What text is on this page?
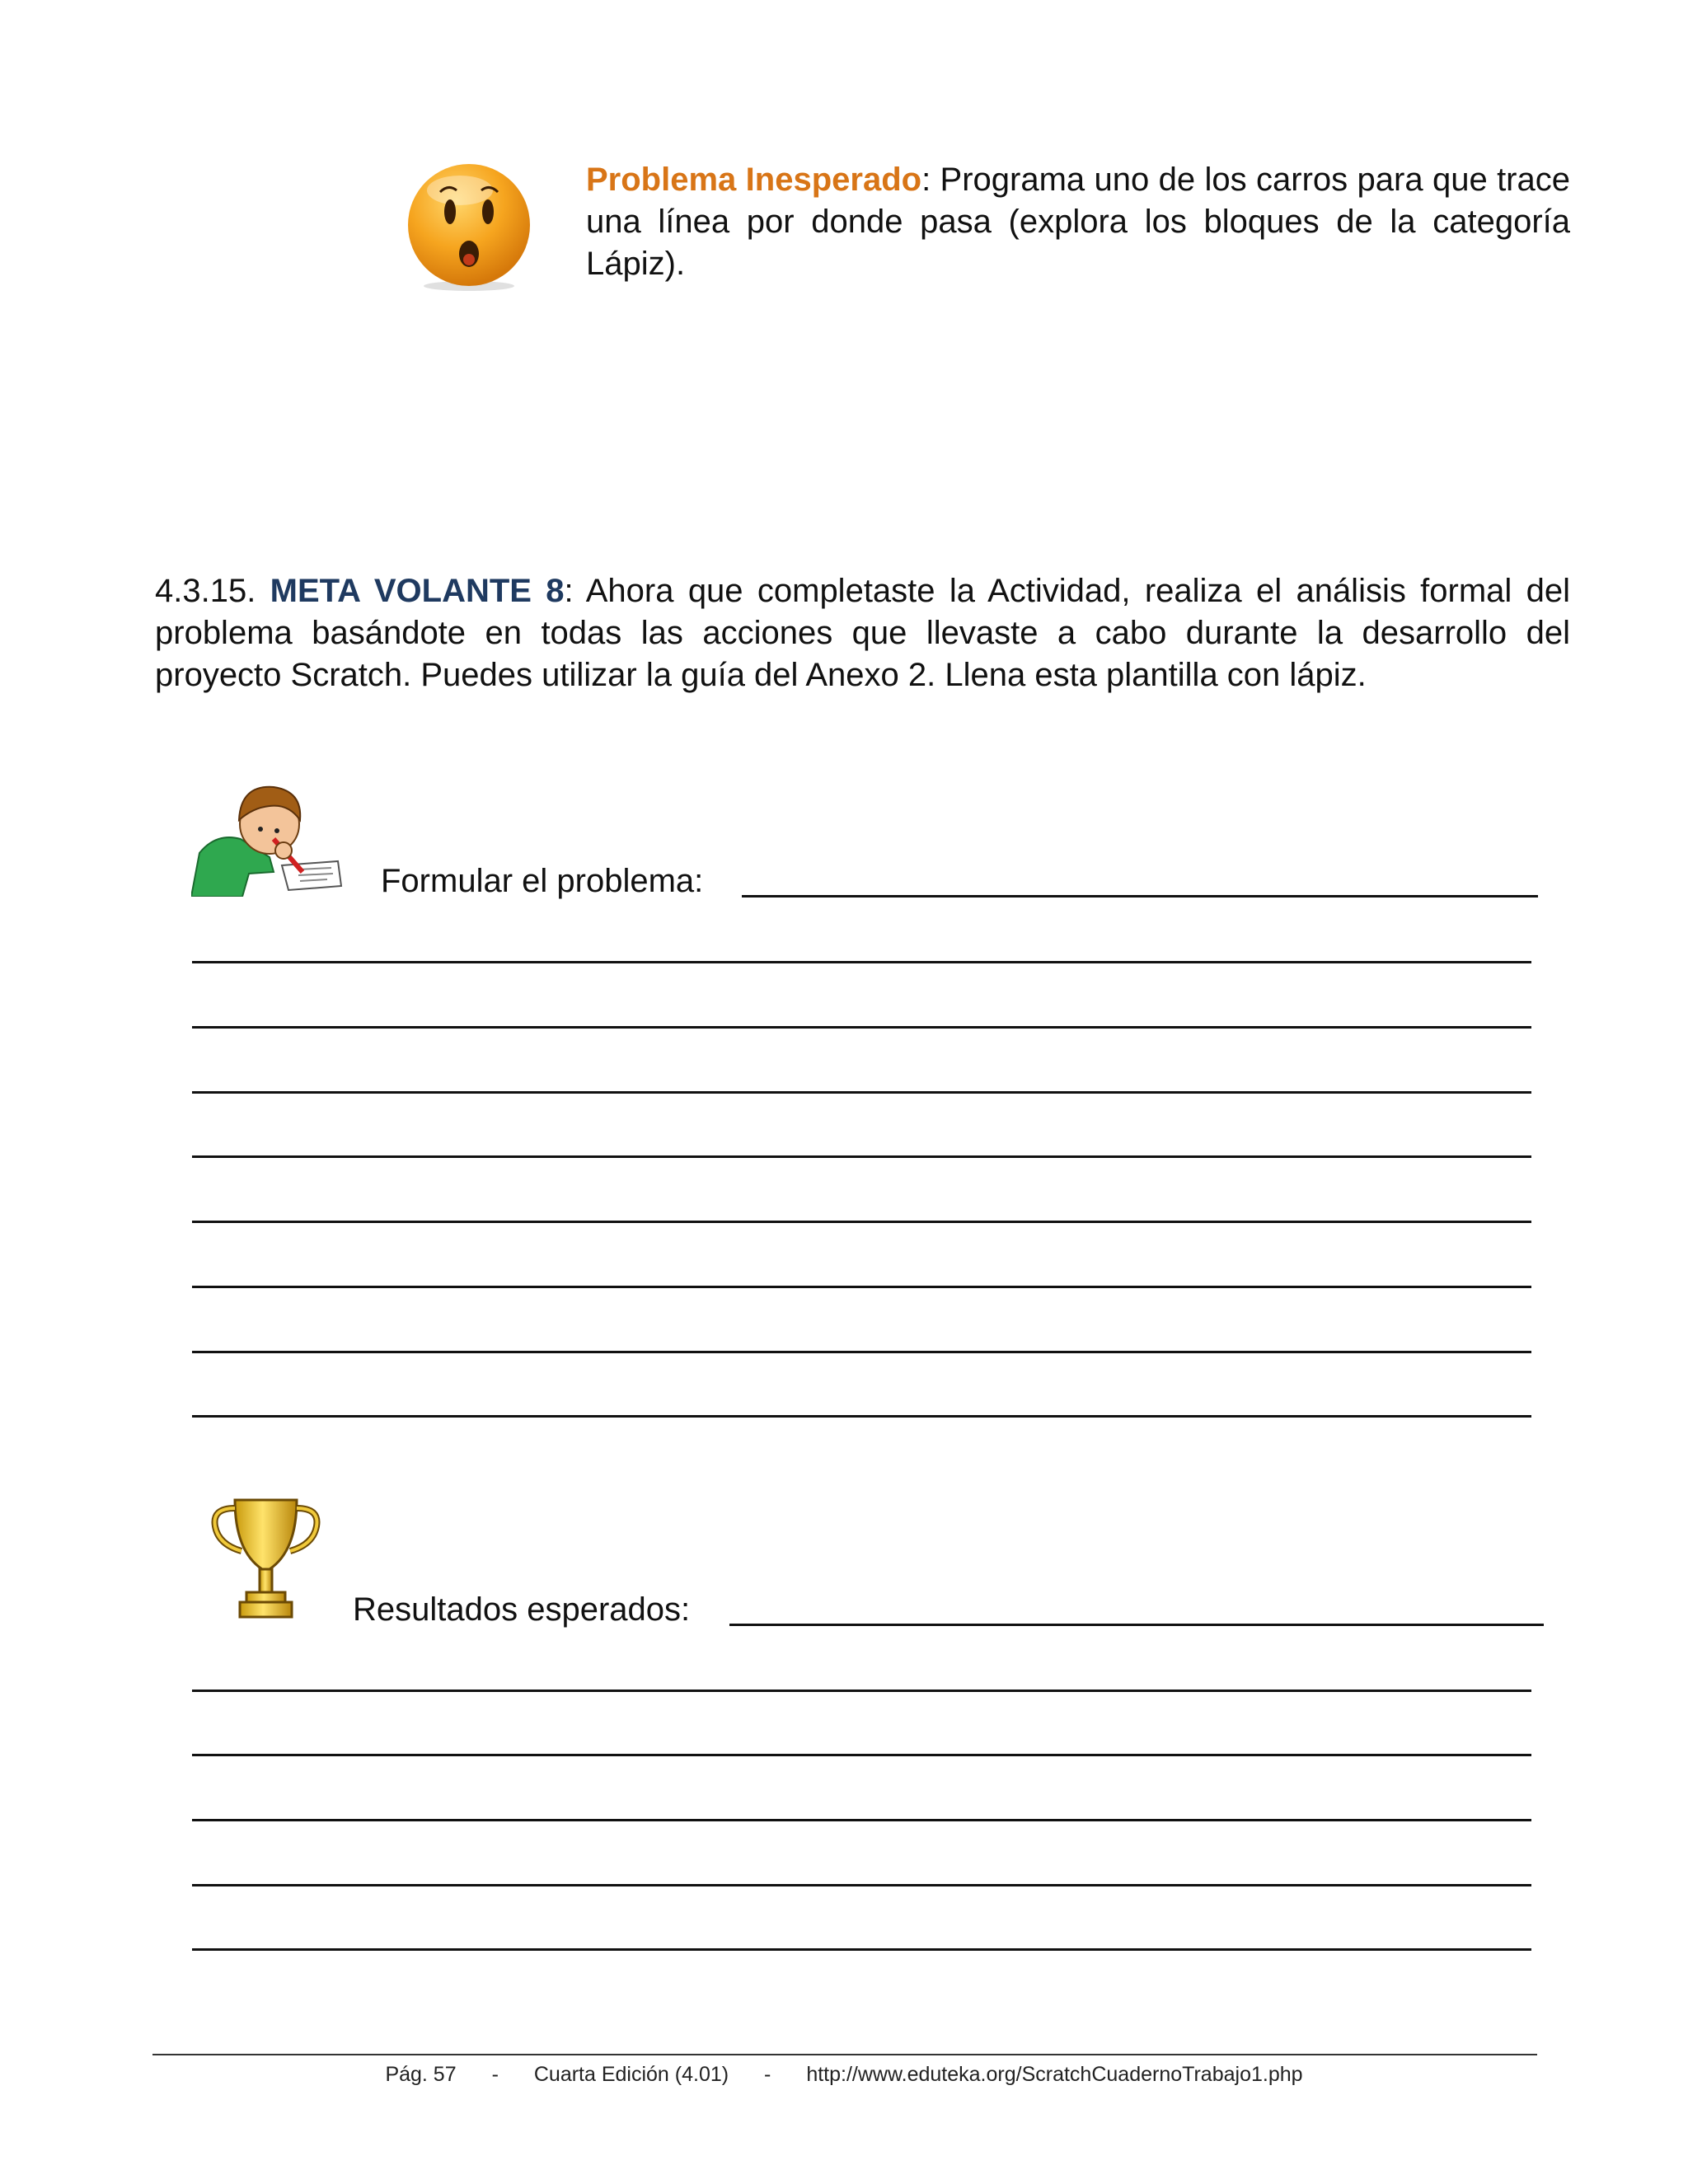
Problema Inesperado: Programa uno de los carros para que trace una línea por donde pasa (explora los bloques de la categoría Lápiz).

4.3.15. META VOLANTE 8: Ahora que completaste la Actividad, realiza el análisis formal del problema basándote en todas las acciones que llevaste a cabo durante la desarrollo del proyecto Scratch. Puedes utilizar la guía del Anexo 2. Llena esta plantilla con lápiz.

Formular el problema:
Resultados esperados:
Pág. 57 - Cuarta Edición (4.01) - http://www.eduteka.org/ScratchCuadernoTrabajo1.php
